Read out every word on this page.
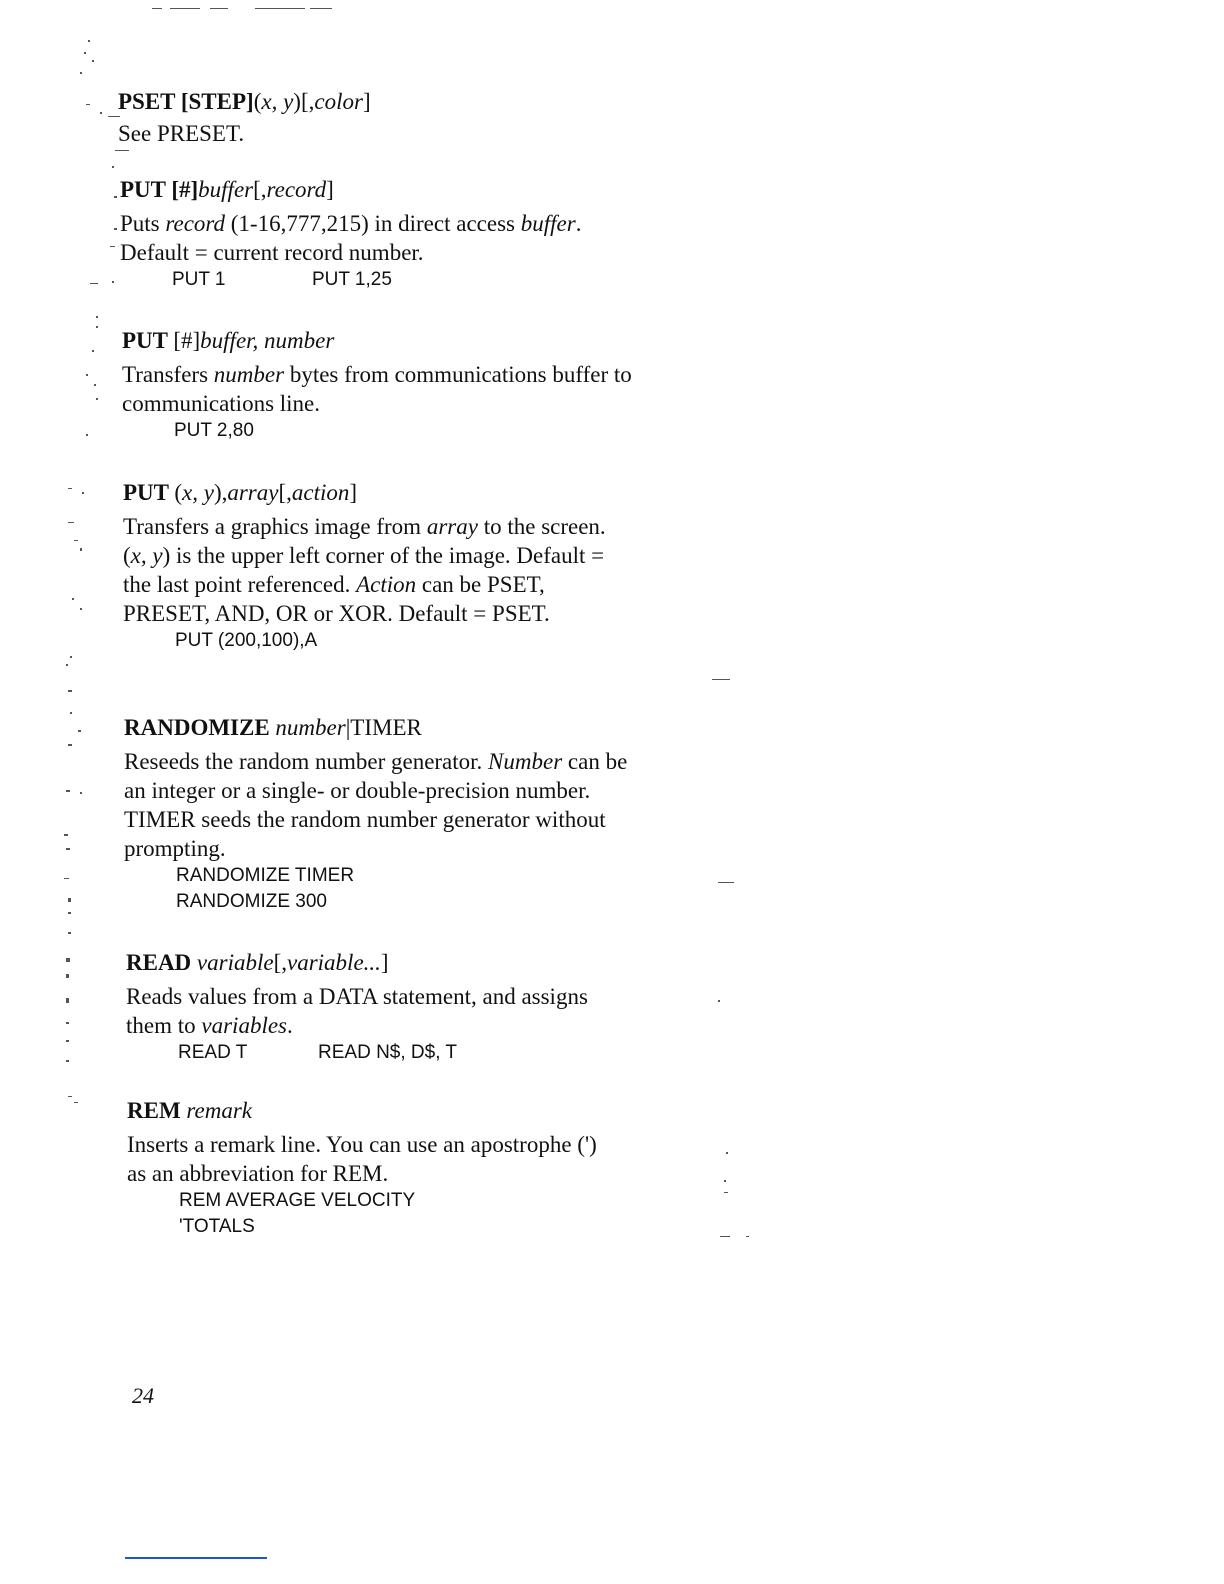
PSET [STEP](x, y)[,color]
See PRESET.
PUT [#]buffer[,record]
Puts record (1-16,777,215) in direct access buffer. Default = current record number.
PUT 1	PUT 1,25
PUT [#]buffer, number
Transfers number bytes from communications buffer to communications line.
PUT 2,80
PUT (x, y),array[,action]
Transfers a graphics image from array to the screen. (x, y) is the upper left corner of the image. Default = the last point referenced. Action can be PSET, PRESET, AND, OR or XOR. Default = PSET.
PUT (200,100),A
RANDOMIZE number|TIMER
Reseeds the random number generator. Number can be an integer or a single- or double-precision number. TIMER seeds the random number generator without prompting.
RANDOMIZE TIMER
RANDOMIZE 300
READ variable[,variable...]
Reads values from a DATA statement, and assigns them to variables.
READ T	READ N$, D$, T
REM remark
Inserts a remark line. You can use an apostrophe (') as an abbreviation for REM.
REM AVERAGE VELOCITY
'TOTALS
24
